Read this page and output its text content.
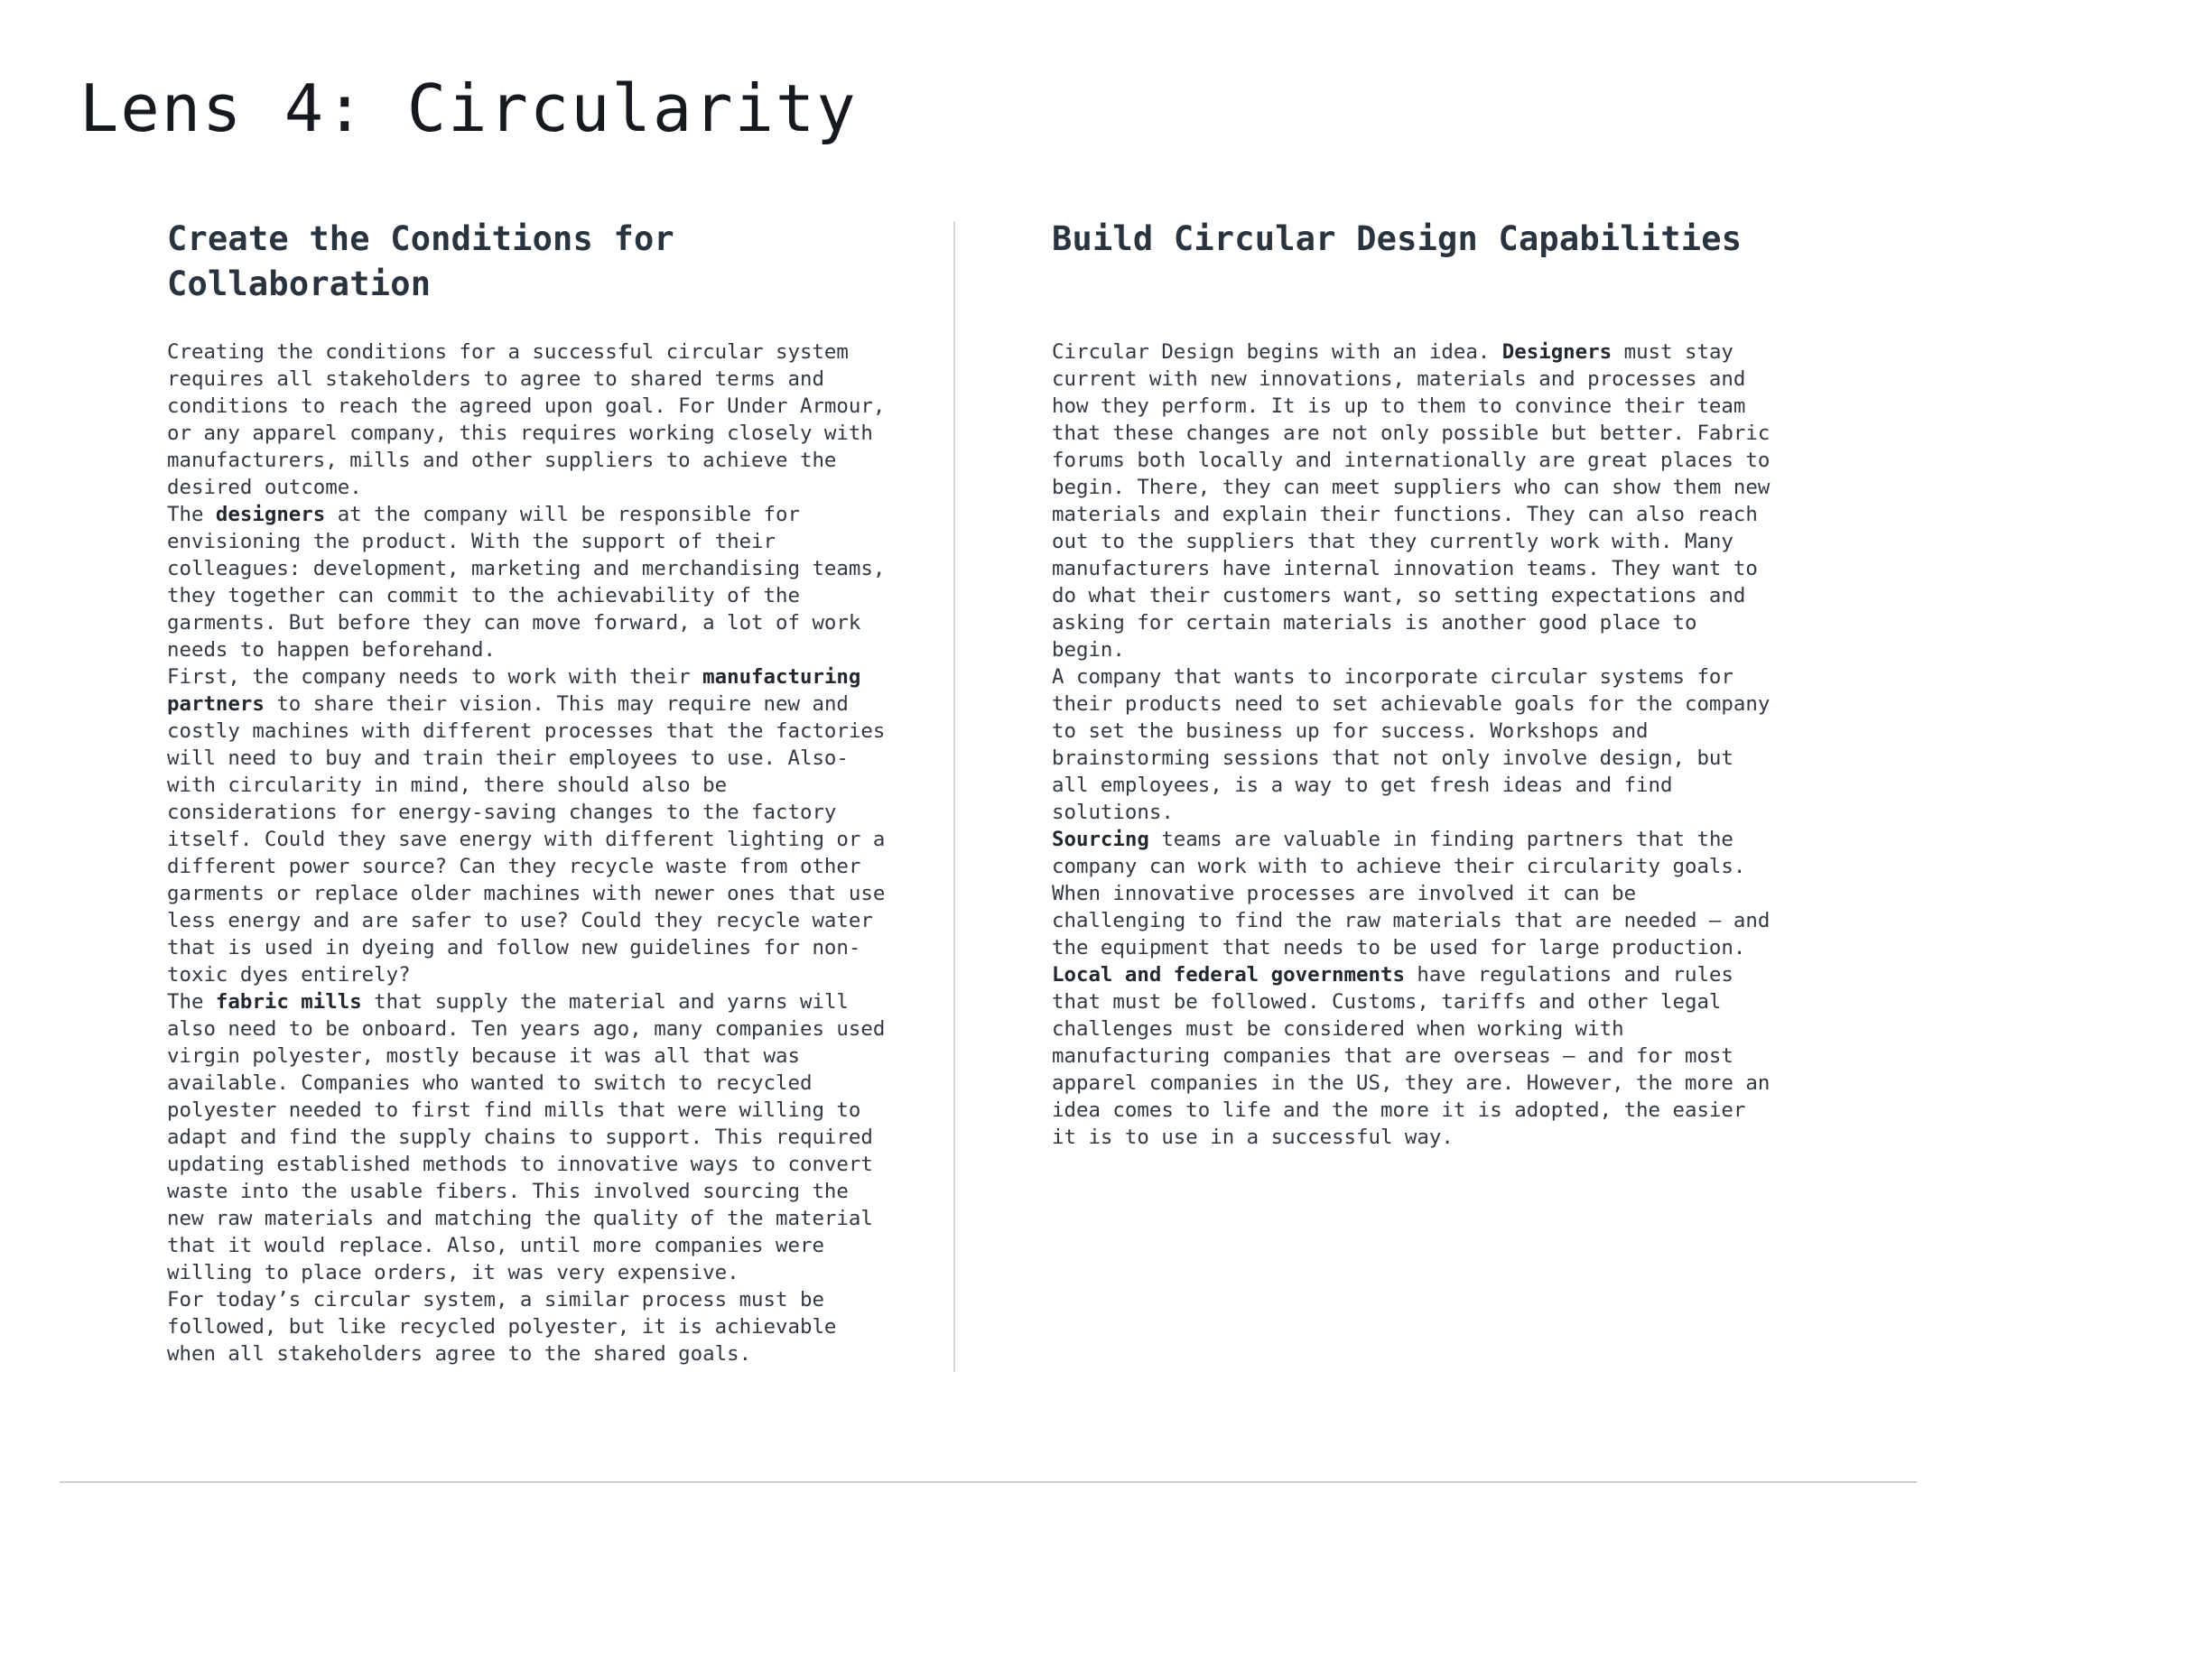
Lens 4: Circularity
Create the Conditions for Collaboration

Creating the conditions for a successful circular system
requires all stakeholders to agree to shared terms and
conditions to reach the agreed upon goal. For Under Armour,
or any apparel company, this requires working closely with
manufacturers, mills and other suppliers to achieve the
desired outcome.

The designers at the company will be responsible for
envisioning the product. With the support of their
colleagues: development, marketing and merchandising teams,
they together can commit to the achievability of the
garments. But before they can move forward, a lot of work
needs to happen beforehand.

First, the company needs to work with their manufacturing
partners to share their vision. This may require new and
costly machines with different processes that the factories
will need to buy and train their employees to use. Also-
with circularity in mind, there should also be
considerations for energy-saving changes to the factory
itself. Could they save energy with different lighting or a
different power source? Can they recycle waste from other
garments or replace older machines with newer ones that use
less energy and are safer to use? Could they recycle water
that is used in dyeing and follow new guidelines for non-
toxic dyes entirely?

The fabric mills that supply the material and yarns will
also need to be onboard. Ten years ago, many companies used
virgin polyester, mostly because it was all that was
available. Companies who wanted to switch to recycled
polyester needed to first find mills that were willing to
adapt and find the supply chains to support. This required
updating established methods to innovative ways to convert
waste into the usable fibers. This involved sourcing the
new raw materials and matching the quality of the material
that it would replace. Also, until more companies were
willing to place orders, it was very expensive.

For today’s circular system, a similar process must be
followed, but like recycled polyester, it is achievable
when all stakeholders agree to the shared goals.

Build Circular Design Capabilities

Circular Design begins with an idea. Designers must stay
current with new innovations, materials and processes and
how they perform. It is up to them to convince their team
that these changes are not only possible but better. Fabric
forums both locally and internationally are great places to
begin. There, they can meet suppliers who can show them new
materials and explain their functions. They can also reach
out to the suppliers that they currently work with. Many
manufacturers have internal innovation teams. They want to
do what their customers want, so setting expectations and
asking for certain materials is another good place to
begin.

A company that wants to incorporate circular systems for
their products need to set achievable goals for the company
to set the business up for success. Workshops and
brainstorming sessions that not only involve design, but
all employees, is a way to get fresh ideas and find
solutions.

Sourcing teams are valuable in finding partners that the
company can work with to achieve their circularity goals.
When innovative processes are involved it can be
challenging to find the raw materials that are needed – and
the equipment that needs to be used for large production.

Local and federal governments have regulations and rules
that must be followed. Customs, tariffs and other legal
challenges must be considered when working with
manufacturing companies that are overseas – and for most
apparel companies in the US, they are. However, the more an
idea comes to life and the more it is adopted, the easier
it is to use in a successful way.
